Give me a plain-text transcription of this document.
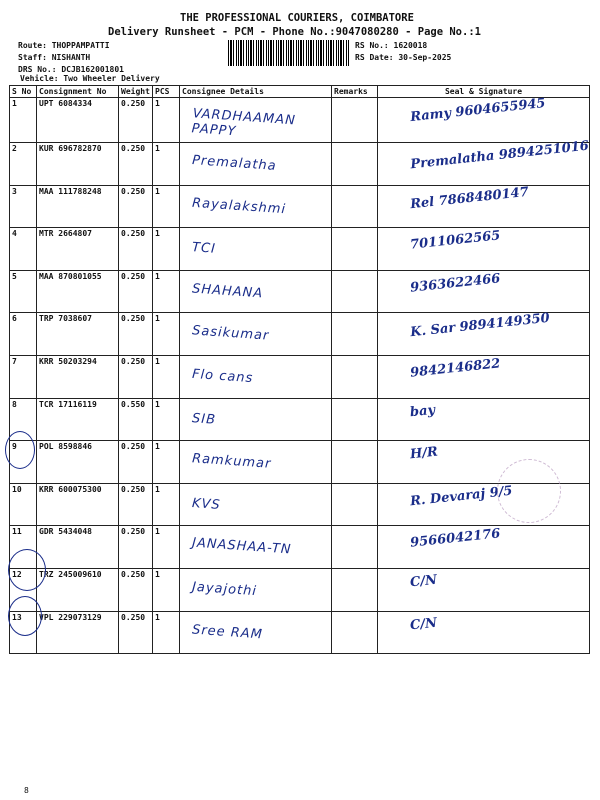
THE PROFESSIONAL COURIERS, COIMBATORE
Delivery Runsheet - PCM - Phone No.:9047080280 - Page No.:1
Route: THOPPAMPATTI
Staff: NISHANTH
DRS No.: DCJB162001801
Vehicle: Two Wheeler Delivery
RS No.: 1620018
RS Date: 30-Sep-2025
S No	Consignment No	Weight	PCS	Consignee Details	Remarks	Seal & Signature
1	UPT 6084334	0.250	1	VARDHAAMAN PAPPY		Ramy 9604655945
2	KUR 696782870	0.250	1	Premalatha		Premalatha 9894251016
3	MAA 111788248	0.250	1	Rayalakshmi		Rel 7868480147
4	MTR 2664807	0.250	1	TCI		7011062565
5	MAA 870801055	0.250	1	SHAHANA		9363622466
6	TRP 7038607	0.250	1	Sasikumar		K. Sar 9894149350
7	KRR 50203294	0.250	1	Flo cans		9842146822
8	TCR 17116119	0.550	1	SIB		bay
9	POL 8598846	0.250	1	Ramkumar		H/R
10	KRR 600075300	0.250	1	KVS		R. Devaraj 9/5
11	GDR 5434048	0.250	1	JANASHAA-TN		9566042176
12	TRZ 245009610	0.250	1	Jayajothi		C/N
13	VPL 229073129	0.250	1	Sree RAM		C/N
8
